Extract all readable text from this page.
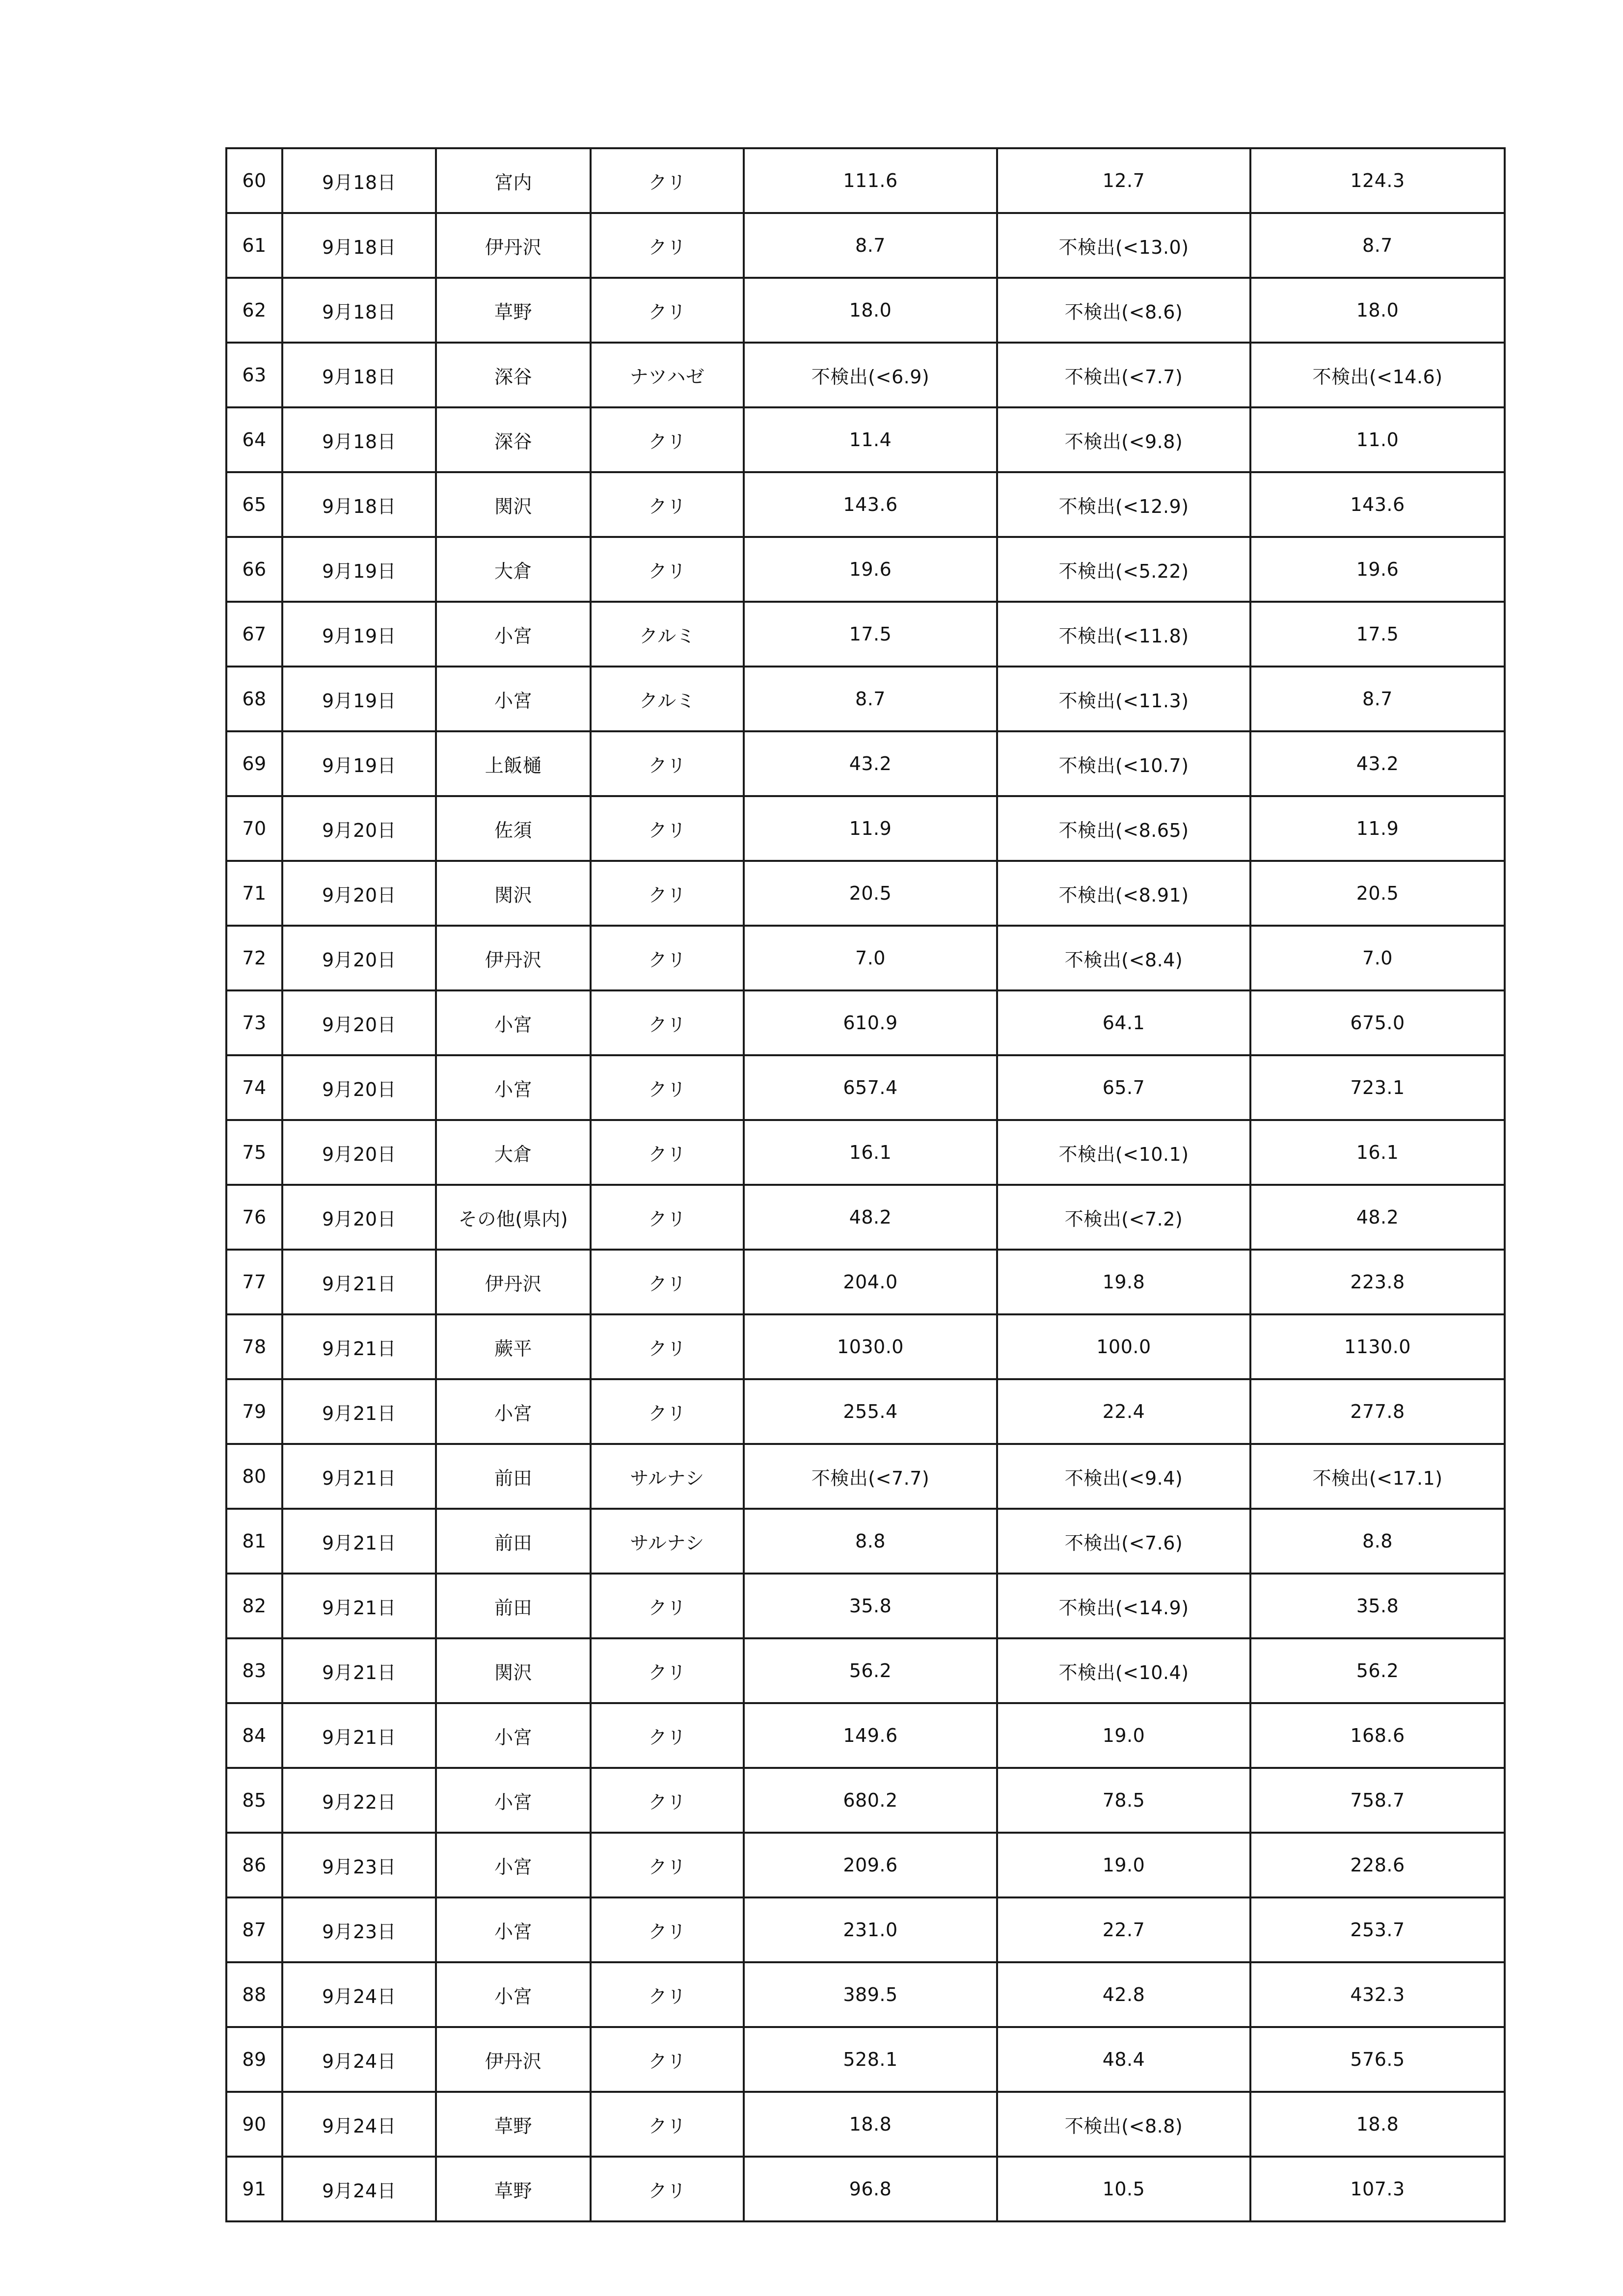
60	9月18日	宮内	クリ	111.6	12.7	124.3
61	9月18日	伊丹沢	クリ	8.7	不検出(<13.0)	8.7
62	9月18日	草野	クリ	18.0	不検出(<8.6)	18.0
63	9月18日	深谷	ナツハゼ	不検出(<6.9)	不検出(<7.7)	不検出(<14.6)
64	9月18日	深谷	クリ	11.4	不検出(<9.8)	11.0
65	9月18日	関沢	クリ	143.6	不検出(<12.9)	143.6
66	9月19日	大倉	クリ	19.6	不検出(<5.22)	19.6
67	9月19日	小宮	クルミ	17.5	不検出(<11.8)	17.5
68	9月19日	小宮	クルミ	8.7	不検出(<11.3)	8.7
69	9月19日	上飯樋	クリ	43.2	不検出(<10.7)	43.2
70	9月20日	佐須	クリ	11.9	不検出(<8.65)	11.9
71	9月20日	関沢	クリ	20.5	不検出(<8.91)	20.5
72	9月20日	伊丹沢	クリ	7.0	不検出(<8.4)	7.0
73	9月20日	小宮	クリ	610.9	64.1	675.0
74	9月20日	小宮	クリ	657.4	65.7	723.1
75	9月20日	大倉	クリ	16.1	不検出(<10.1)	16.1
76	9月20日	その他(県内)	クリ	48.2	不検出(<7.2)	48.2
77	9月21日	伊丹沢	クリ	204.0	19.8	223.8
78	9月21日	蕨平	クリ	1030.0	100.0	1130.0
79	9月21日	小宮	クリ	255.4	22.4	277.8
80	9月21日	前田	サルナシ	不検出(<7.7)	不検出(<9.4)	不検出(<17.1)
81	9月21日	前田	サルナシ	8.8	不検出(<7.6)	8.8
82	9月21日	前田	クリ	35.8	不検出(<14.9)	35.8
83	9月21日	関沢	クリ	56.2	不検出(<10.4)	56.2
84	9月21日	小宮	クリ	149.6	19.0	168.6
85	9月22日	小宮	クリ	680.2	78.5	758.7
86	9月23日	小宮	クリ	209.6	19.0	228.6
87	9月23日	小宮	クリ	231.0	22.7	253.7
88	9月24日	小宮	クリ	389.5	42.8	432.3
89	9月24日	伊丹沢	クリ	528.1	48.4	576.5
90	9月24日	草野	クリ	18.8	不検出(<8.8)	18.8
91	9月24日	草野	クリ	96.8	10.5	107.3
